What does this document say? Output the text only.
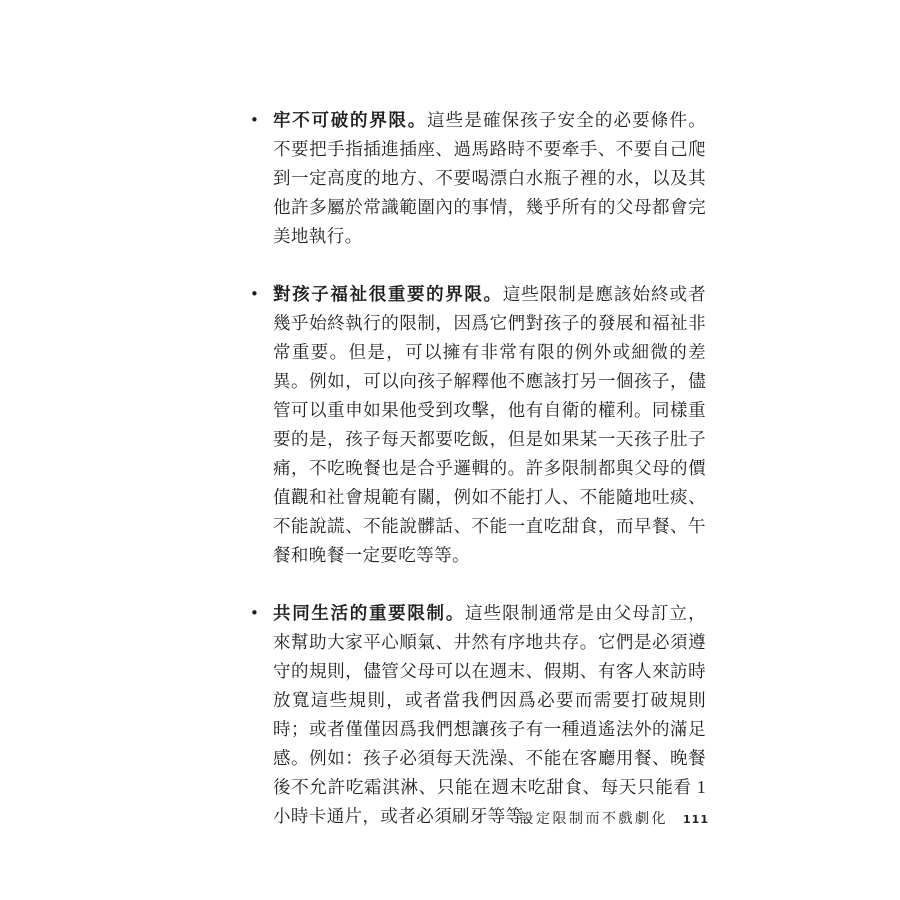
• 牢不可破的界限。這些是確保孩子安全的必要條件。不要把手指插進插座、過馬路時不要牽手、不要自己爬到一定高度的地方、不要喝漂白水瓶子裡的水，以及其他許多屬於常識範圍內的事情，幾乎所有的父母都會完美地執行。

• 對孩子福祉很重要的界限。這些限制是應該始終或者幾乎始終執行的限制，因爲它們對孩子的發展和福祉非常重要。但是，可以擁有非常有限的例外或細微的差異。例如，可以向孩子解釋他不應該打另一個孩子，儘管可以重申如果他受到攻擊，他有自衛的權利。同樣重要的是，孩子每天都要吃飯，但是如果某一天孩子肚子痛，不吃晚餐也是合乎邏輯的。許多限制都與父母的價值觀和社會規範有關，例如不能打人、不能隨地吐痰、不能說謊、不能說髒話、不能一直吃甜食，而早餐、午餐和晚餐一定要吃等等。

• 共同生活的重要限制。這些限制通常是由父母訂立，來幫助大家平心順氣、井然有序地共存。它們是必須遵守的規則，儘管父母可以在週末、假期、有客人來訪時放寬這些規則，或者當我們因爲必要而需要打破規則時；或者僅僅因爲我們想讓孩子有一種逍遙法外的滿足感。例如：孩子必須每天洗澡、不能在客廳用餐、晚餐後不允許吃霜淇淋、只能在週末吃甜食、每天只能看 1 小時卡通片，或者必須刷牙等等。

設定限制而不戲劇化 111
